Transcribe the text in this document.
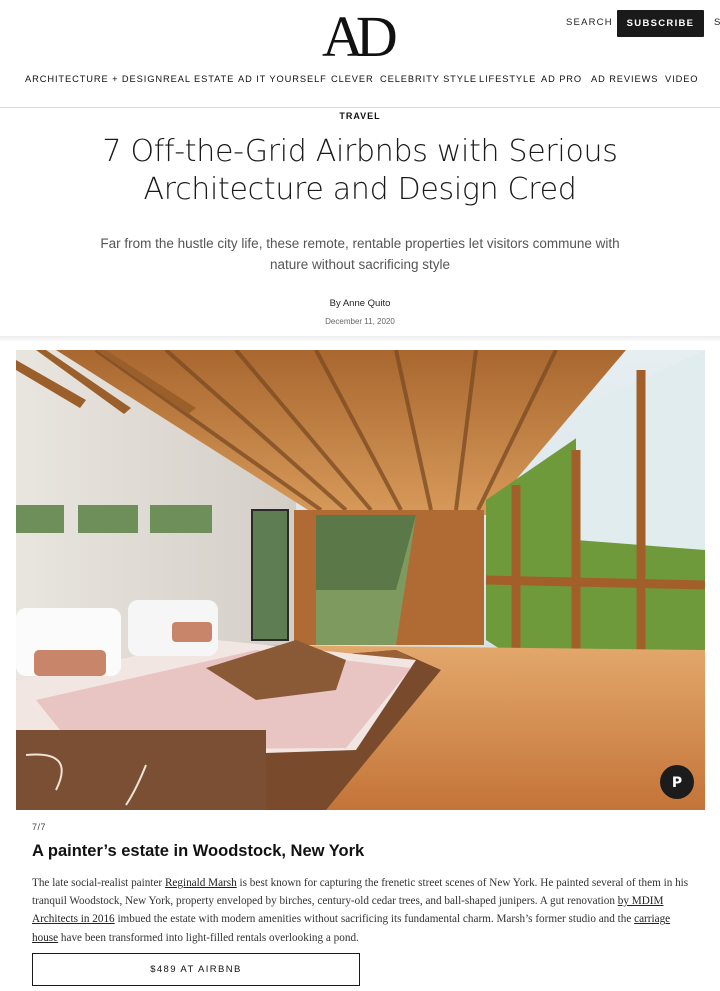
AD	SEARCH	SUBSCRIBE	S
ARCHITECTURE + DESIGN REAL ESTATE AD IT YOURSELF CLEVER CELEBRITY STYLE LIFESTYLE AD PRO AD REVIEWS VIDEO
TRAVEL
7 Off-the-Grid Airbnbs with Serious
Architecture and Design Cred

Far from the hustle city life, these remote, rentable properties let visitors commune with
nature without sacrificing style

By Anne Quito
December 11, 2020
P
7/7
A painter’s estate in Woodstock, New York

The late social-realist painter Reginald Marsh is best known for capturing the frenetic street scenes of New York. He painted several of them in his tranquil Woodstock, New York, property enveloped by birches, century-old cedar trees, and ball-shaped junipers. A gut renovation by MDIM Architects in 2016 imbued the estate with modern amenities without sacrificing its fundamental charm. Marsh’s former studio and the carriage house have been transformed into light-filled rentals overlooking a pond.

$489 AT AIRBNB
